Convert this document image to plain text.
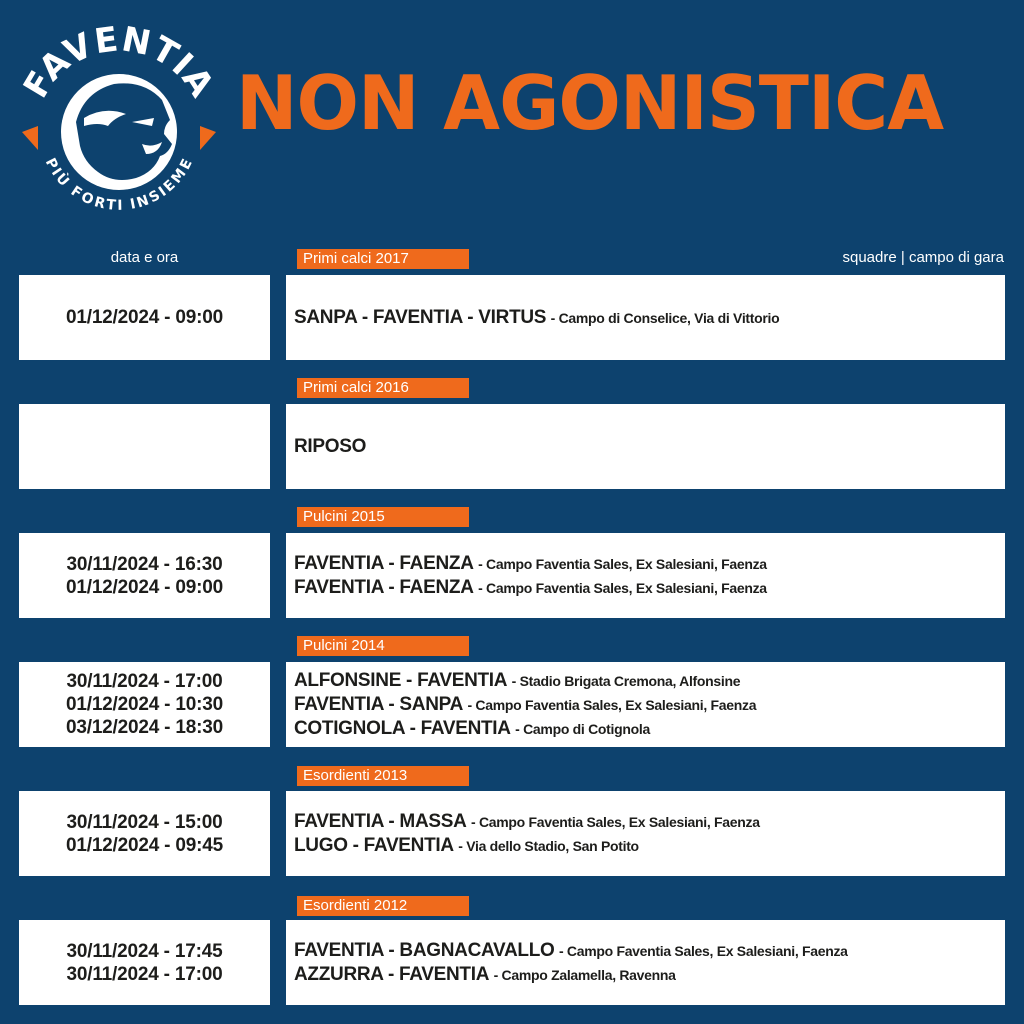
FAVENTIA
PIÙ FORTI INSIEME
NON AGONISTICA
data e ora	squadre | campo di gara
Primi calci 2017
01/12/2024 - 09:00	SANPA - FAVENTIA - VIRTUS - Campo di Conselice, Via di Vittorio
Primi calci 2016
RIPOSO
Pulcini 2015
30/11/2024 - 16:30
01/12/2024 - 09:00
FAVENTIA - FAENZA - Campo Faventia Sales, Ex Salesiani, Faenza
FAVENTIA - FAENZA - Campo Faventia Sales, Ex Salesiani, Faenza
Pulcini 2014
30/11/2024 - 17:00
01/12/2024 - 10:30
03/12/2024 - 18:30
ALFONSINE - FAVENTIA - Stadio Brigata Cremona, Alfonsine
FAVENTIA - SANPA - Campo Faventia Sales, Ex Salesiani, Faenza
COTIGNOLA - FAVENTIA - Campo di Cotignola
Esordienti 2013
30/11/2024 - 15:00
01/12/2024 - 09:45
FAVENTIA - MASSA - Campo Faventia Sales, Ex Salesiani, Faenza
LUGO - FAVENTIA - Via dello Stadio, San Potito
Esordienti 2012
30/11/2024 - 17:45
30/11/2024 - 17:00
FAVENTIA - BAGNACAVALLO - Campo Faventia Sales, Ex Salesiani, Faenza
AZZURRA - FAVENTIA - Campo Zalamella, Ravenna
